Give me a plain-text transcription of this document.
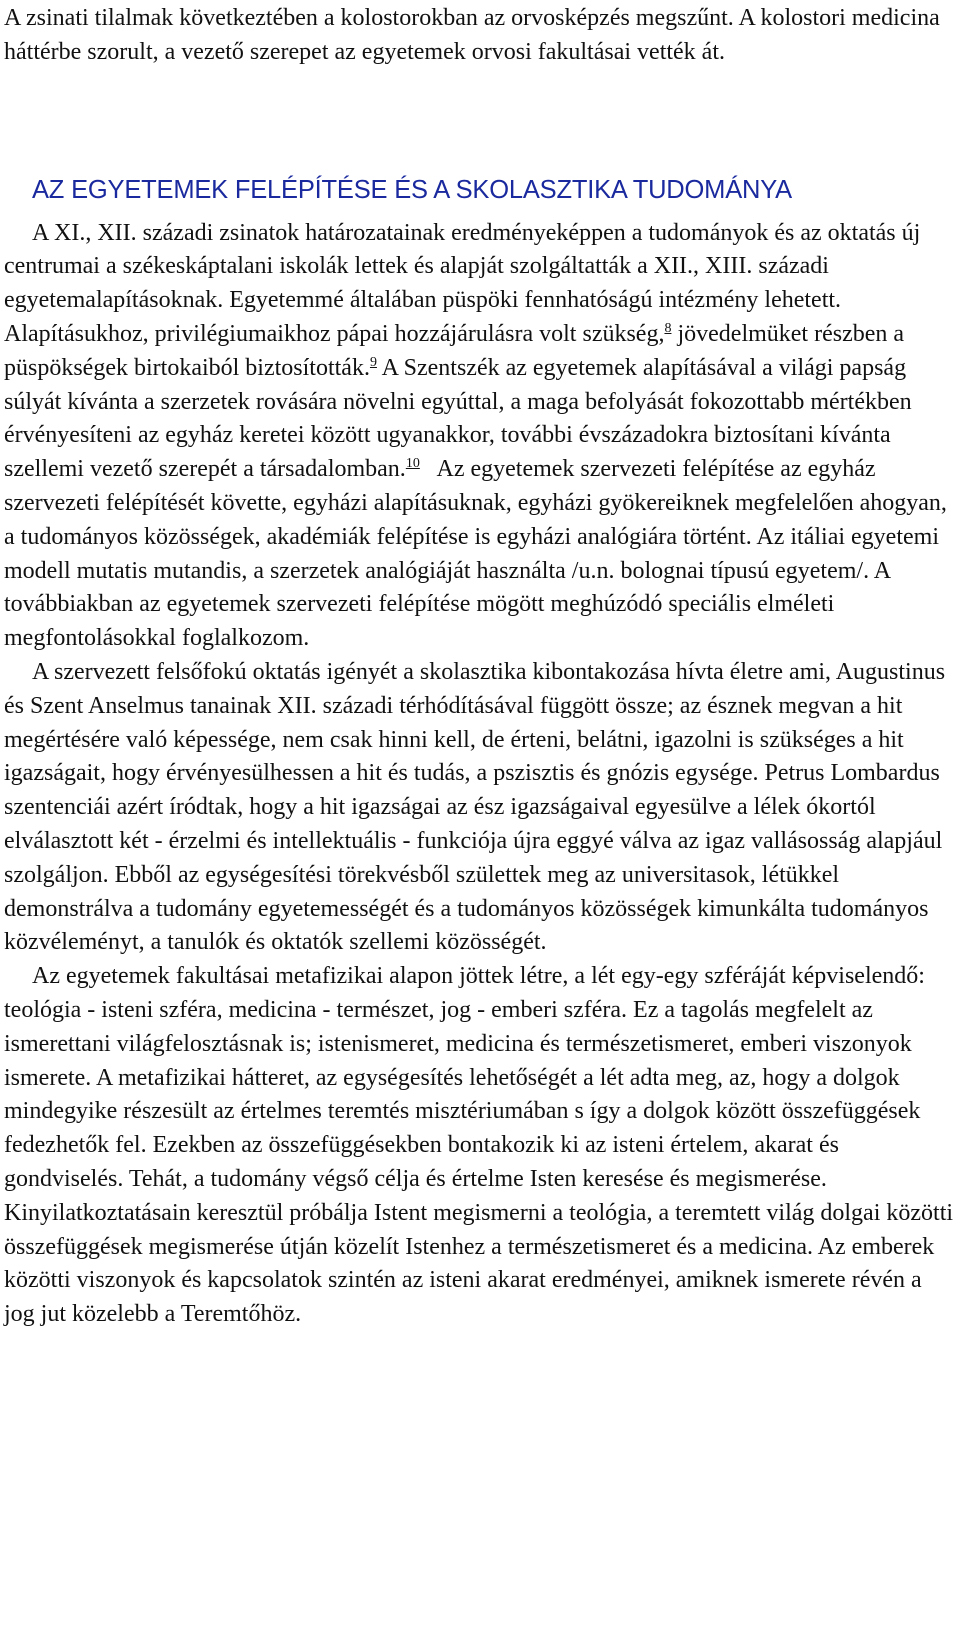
A zsinati tilalmak következtében a kolostorokban az orvosképzés megszűnt. A kolostori medicina háttérbe szorult, a vezető szerepet az egyetemek orvosi fakultásai vették át.

AZ EGYETEMEK FELÉPÍTÉSE ÉS A SKOLASZTIKA TUDOMÁNYA

A XI., XII. századi zsinatok határozatainak eredményeképpen a tudományok és az oktatás új centrumai a székeskáptalani iskolák lettek és alapját szolgáltatták a XII., XIII. századi egyetemalapításoknak. Egyetemmé általában püspöki fennhatóságú intézmény lehetett. Alapításukhoz, privilégiumaikhoz pápai hozzájárulásra volt szükség,$^8$ jövedelmüket részben a püspökségek birtokaiból biztosították.$^9$ A Szentszék az egyetemek alapításával a világi papság súlyát kívánta a szerzetek rovására növelni egyúttal, a maga befolyását fokozottabb mértékben érvényesíteni az egyház keretei között ugyanakkor, további évszázadokra biztosítani kívánta szellemi vezető szerepét a társadalomban.$^{10}$   Az egyetemek szervezeti felépítése az egyház szervezeti felépítését követte, egyházi alapításuknak, egyházi gyökereiknek megfelelően ahogyan, a tudományos közösségek, akadémiák felépítése is egyházi analógiára történt. Az itáliai egyetemi modell mutatis mutandis, a szerzetek analógiáját használta /u.n. bolognai típusú egyetem/. A továbbiakban az egyetemek szervezeti felépítése mögött meghúzódó speciális elméleti megfontolásokkal foglalkozom.

A szervezett felsőfokú oktatás igényét a skolasztika kibontakozása hívta életre ami, Augustinus és Szent Anselmus tanainak XII. századi térhódításával függött össze; az észnek megvan a hit megértésére való képessége, nem csak hinni kell, de érteni, belátni, igazolni is szükséges a hit igazságait, hogy érvényesülhessen a hit és tudás, a pszisztis és gnózis egysége. Petrus Lombardus szentenciái azért íródtak, hogy a hit igazságai az ész igazságaival egyesülve a lélek ókortól elválasztott két - érzelmi és intellektuális - funkciója újra eggyé válva az igaz vallásosság alapjául szolgáljon. Ebből az egységesítési törekvésből születtek meg az universitasok, létükkel demonstrálva a tudomány egyetemességét és a tudományos közösségek kimunkálta tudományos közvéleményt, a tanulók és oktatók szellemi közösségét.

Az egyetemek fakultásai metafizikai alapon jöttek létre, a lét egy-egy szféráját képviselendő: teológia - isteni szféra, medicina - természet, jog - emberi szféra. Ez a tagolás megfelelt az ismerettani világfelosztásnak is; istenismeret, medicina és természetismeret, emberi viszonyok ismerete. A metafizikai hátteret, az egységesítés lehetőségét a lét adta meg, az, hogy a dolgok mindegyike részesült az értelmes teremtés misztériumában s így a dolgok között összefüggések fedezhetők fel. Ezekben az összefüggésekben bontakozik ki az isteni értelem, akarat és gondviselés. Tehát, a tudomány végső célja és értelme Isten keresése és megismerése. Kinyilatkoztatásain keresztül próbálja Istent megismerni a teológia, a teremtett világ dolgai közötti összefüggések megismerése útján közelít Istenhez a természetismeret és a medicina. Az emberek közötti viszonyok és kapcsolatok szintén az isteni akarat eredményei, amiknek ismerete révén a jog jut közelebb a Teremtőhöz.
